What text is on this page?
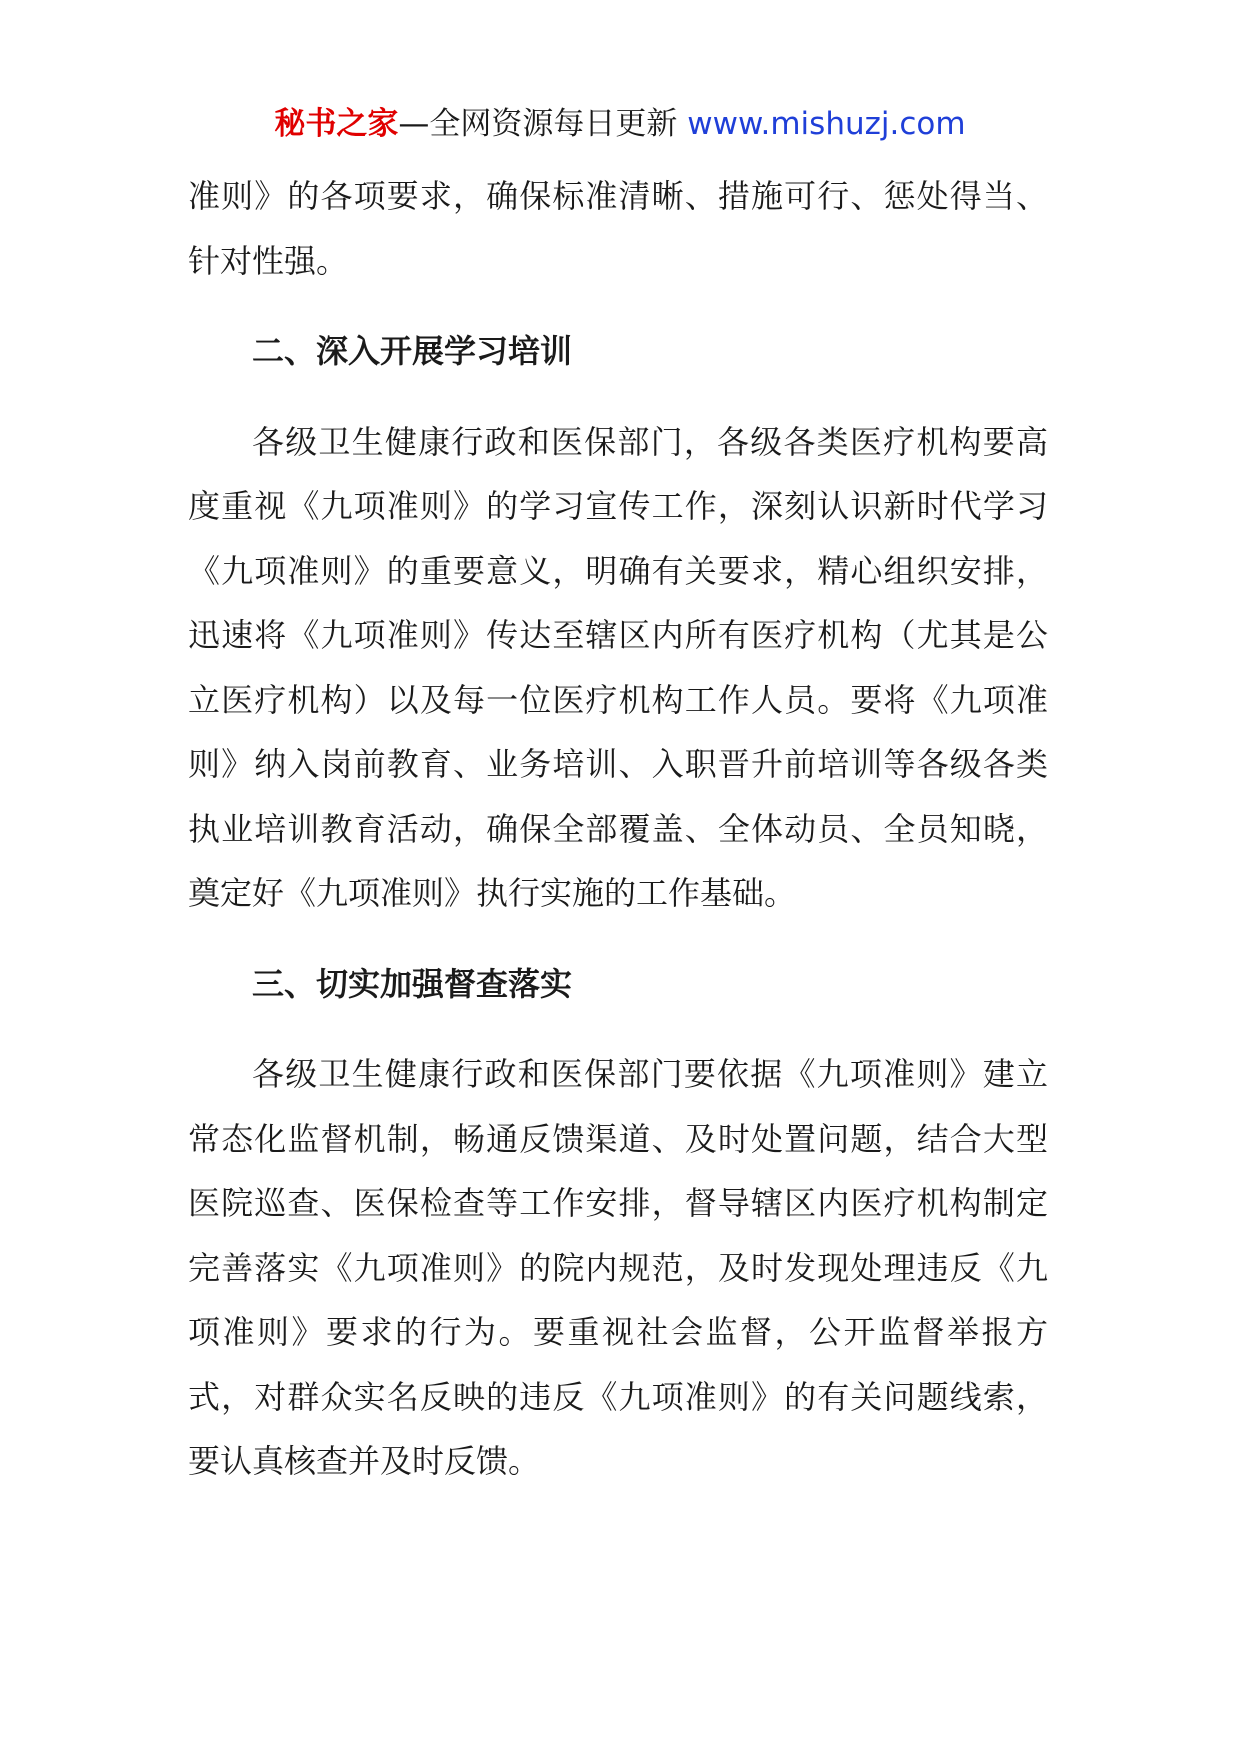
秘书之家—全网资源每日更新 www.mishuzj.com

准则》的各项要求，确保标准清晰、措施可行、惩处得当、针对性强。

二、深入开展学习培训

各级卫生健康行政和医保部门，各级各类医疗机构要高度重视《九项准则》的学习宣传工作，深刻认识新时代学习《九项准则》的重要意义，明确有关要求，精心组织安排，迅速将《九项准则》传达至辖区内所有医疗机构（尤其是公立医疗机构）以及每一位医疗机构工作人员。要将《九项准则》纳入岗前教育、业务培训、入职晋升前培训等各级各类执业培训教育活动，确保全部覆盖、全体动员、全员知晓，奠定好《九项准则》执行实施的工作基础。

三、切实加强督查落实

各级卫生健康行政和医保部门要依据《九项准则》建立常态化监督机制，畅通反馈渠道、及时处置问题，结合大型医院巡查、医保检查等工作安排，督导辖区内医疗机构制定完善落实《九项准则》的院内规范，及时发现处理违反《九项准则》要求的行为。要重视社会监督，公开监督举报方式，对群众实名反映的违反《九项准则》的有关问题线索，要认真核查并及时反馈。
